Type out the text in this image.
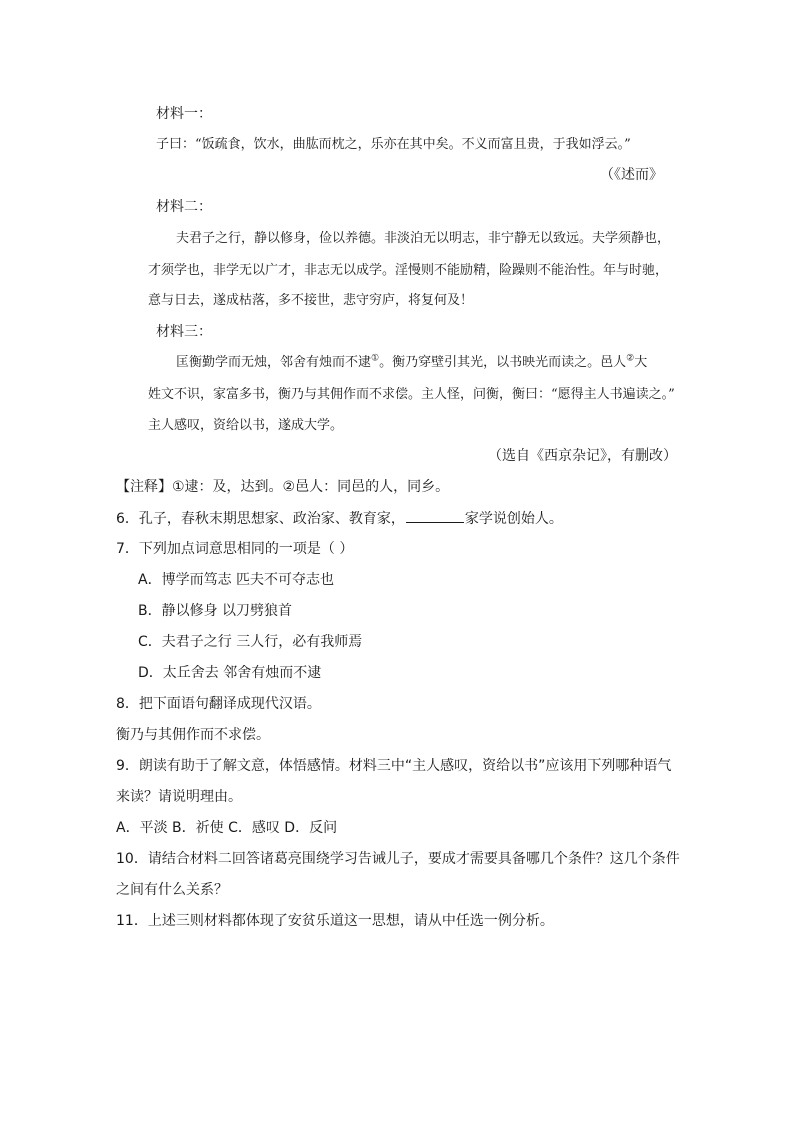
材料一：
子曰：“饭疏食，饮水，曲肱而枕之，乐亦在其中矣。不义而富且贵，于我如浮云。”
（《述而》
材料二：
夫君子之行，静以修身，俭以养德。非淡泊无以明志，非宁静无以致远。夫学须静也，
才须学也，非学无以广才，非志无以成学。淫慢则不能励精，险躁则不能治性。年与时驰，
意与日去，遂成枯落，多不接世，悲守穷庐，将复何及！
材料三：
匡衡勤学而无烛，邻舍有烛而不逮①。衡乃穿壁引其光，以书映光而读之。邑人②大
姓文不识，家富多书，衡乃与其佣作而不求偿。主人怪，问衡，衡曰：“愿得主人书遍读之。”
主人感叹，资给以书，遂成大学。
（选自《西京杂记》，有删改）
【注释】①逮：及，达到。②邑人：同邑的人，同乡。
6．孔子，春秋末期思想家、政治家、教育家，	家学说创始人。
7．下列加点词意思相同的一项是（ ）
A．博学而笃志 匹夫不可夺志也
B．静以修身 以刀劈狼首
C．夫君子之行 三人行，必有我师焉
D．太丘舍去 邻舍有烛而不逮
8．把下面语句翻译成现代汉语。
衡乃与其佣作而不求偿。
9．朗读有助于了解文意，体悟感情。材料三中“主人感叹，资给以书”应该用下列哪种语气
来读？请说明理由。
A．平淡 B．祈使 C．感叹 D．反问
10．请结合材料二回答诸葛亮围绕学习告诫儿子，要成才需要具备哪几个条件？这几个条件
之间有什么关系？
11．上述三则材料都体现了安贫乐道这一思想，请从中任选一例分析。
